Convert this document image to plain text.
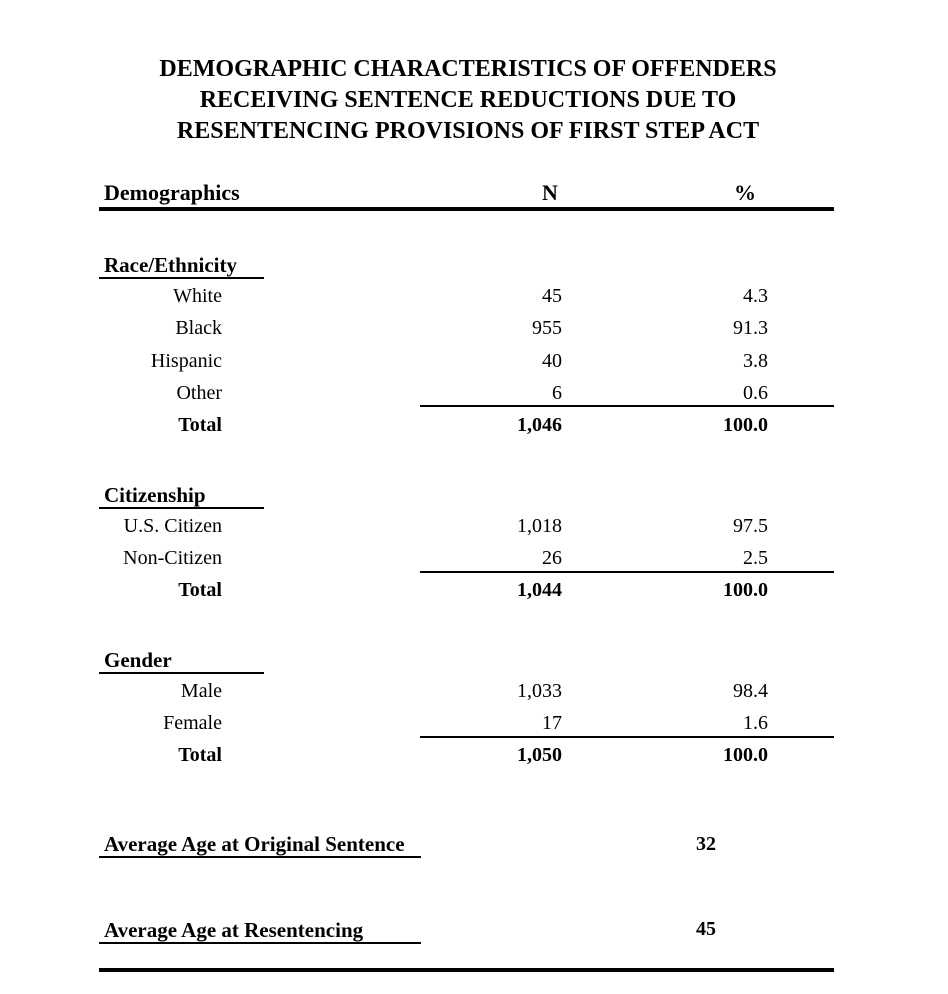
DEMOGRAPHIC CHARACTERISTICS OF OFFENDERS
RECEIVING SENTENCE REDUCTIONS DUE TO
RESENTENCING PROVISIONS OF FIRST STEP ACT
Demographics	N	%
Race/Ethnicity
White	45	4.3
Black	955	91.3
Hispanic	40	3.8
Other	6	0.6
Total	1,046	100.0
Citizenship
U.S. Citizen	1,018	97.5
Non-Citizen	26	2.5
Total	1,044	100.0
Gender
Male	1,033	98.4
Female	17	1.6
Total	1,050	100.0
Average Age at Original Sentence	32
Average Age at Resentencing	45
